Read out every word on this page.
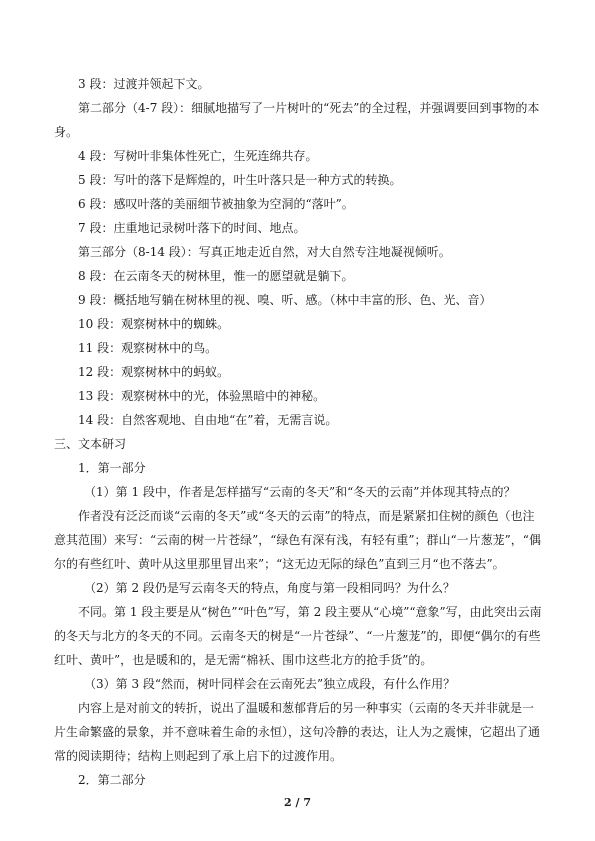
3 段：过渡并领起下文。

第二部分（4-7 段）：细腻地描写了一片树叶的“死去”的全过程，并强调要回到事物的本身。

4 段：写树叶非集体性死亡，生死连绵共存。

5 段：写叶的落下是辉煌的，叶生叶落只是一种方式的转换。

6 段：感叹叶落的美丽细节被抽象为空洞的“落叶”。

7 段：庄重地记录树叶落下的时间、地点。

第三部分（8-14 段）：写真正地走近自然，对大自然专注地凝视倾听。

8 段：在云南冬天的树林里，惟一的愿望就是躺下。

9 段：概括地写躺在树林里的视、嗅、听、感。（林中丰富的形、色、光、音）

10 段：观察树林中的蜘蛛。

11 段：观察树林中的鸟。

12 段：观察树林中的蚂蚁。

13 段：观察树林中的光，体验黑暗中的神秘。

14 段：自然客观地、自由地“在”着，无需言说。

三、文本研习

1．第一部分

（1）第 1 段中，作者是怎样描写“云南的冬天”和“冬天的云南”并体现其特点的？

作者没有泛泛而谈“云南的冬天”或“冬天的云南”的特点，而是紧紧扣住树的颜色（也注意其范围）来写：“云南的树一片苍绿”，“绿色有深有浅，有轻有重”；群山“一片葱茏”，“偶尔的有些红叶、黄叶从这里那里冒出来”；“这无边无际的绿色”直到三月“也不落去”。

（2）第 2 段仍是写云南冬天的特点，角度与第一段相同吗？为什么？

不同。第 1 段主要是从“树色”“叶色”写，第 2 段主要从“心境”“意象”写，由此突出云南的冬天与北方的冬天的不同。云南冬天的树是“一片苍绿”、“一片葱茏”的，即便“偶尔的有些红叶、黄叶”，也是暖和的，是无需“棉袄、围巾这些北方的抢手货”的。

（3）第 3 段“然而，树叶同样会在云南死去”独立成段，有什么作用？

内容上是对前文的转折，说出了温暖和葱郁背后的另一种事实（云南的冬天并非就是一片生命繁盛的景象，并不意味着生命的永恒），这句冷静的表达，让人为之震悚，它超出了通常的阅读期待；结构上则起到了承上启下的过渡作用。

2．第二部分

2 / 7
